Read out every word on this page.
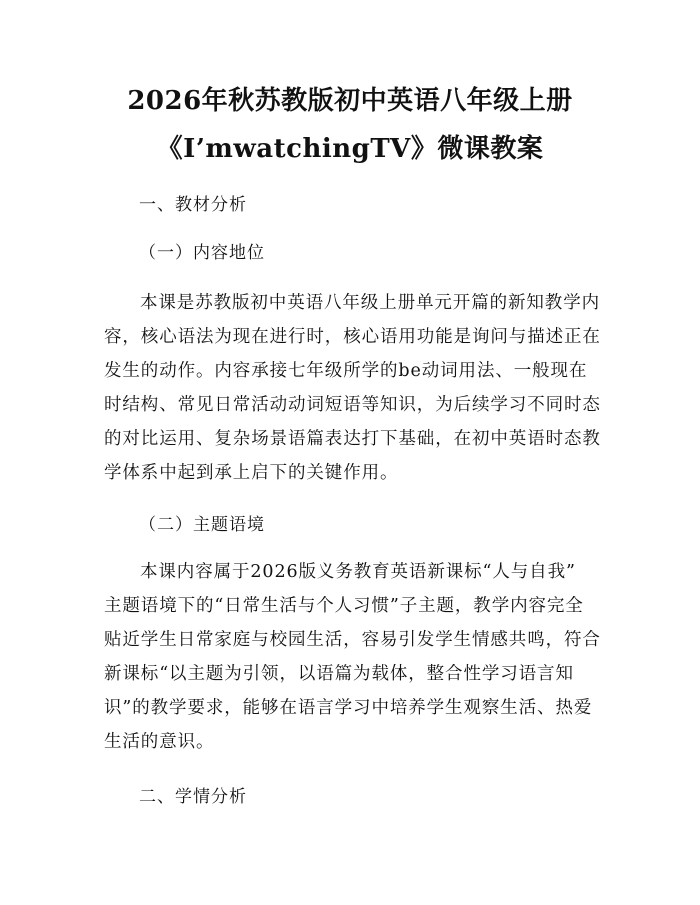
2026年秋苏教版初中英语八年级上册
《I’mwatchingTV》微课教案
一、教材分析
（一）内容地位
本课是苏教版初中英语八年级上册单元开篇的新知教学内
容，核心语法为现在进行时，核心语用功能是询问与描述正在
发生的动作。内容承接七年级所学的be动词用法、一般现在
时结构、常见日常活动动词短语等知识，为后续学习不同时态
的对比运用、复杂场景语篇表达打下基础，在初中英语时态教
学体系中起到承上启下的关键作用。
（二）主题语境
本课内容属于2026版义务教育英语新课标“人与自我”
主题语境下的“日常生活与个人习惯”子主题，教学内容完全
贴近学生日常家庭与校园生活，容易引发学生情感共鸣，符合
新课标“以主题为引领，以语篇为载体，整合性学习语言知
识”的教学要求，能够在语言学习中培养学生观察生活、热爱
生活的意识。
二、学情分析
